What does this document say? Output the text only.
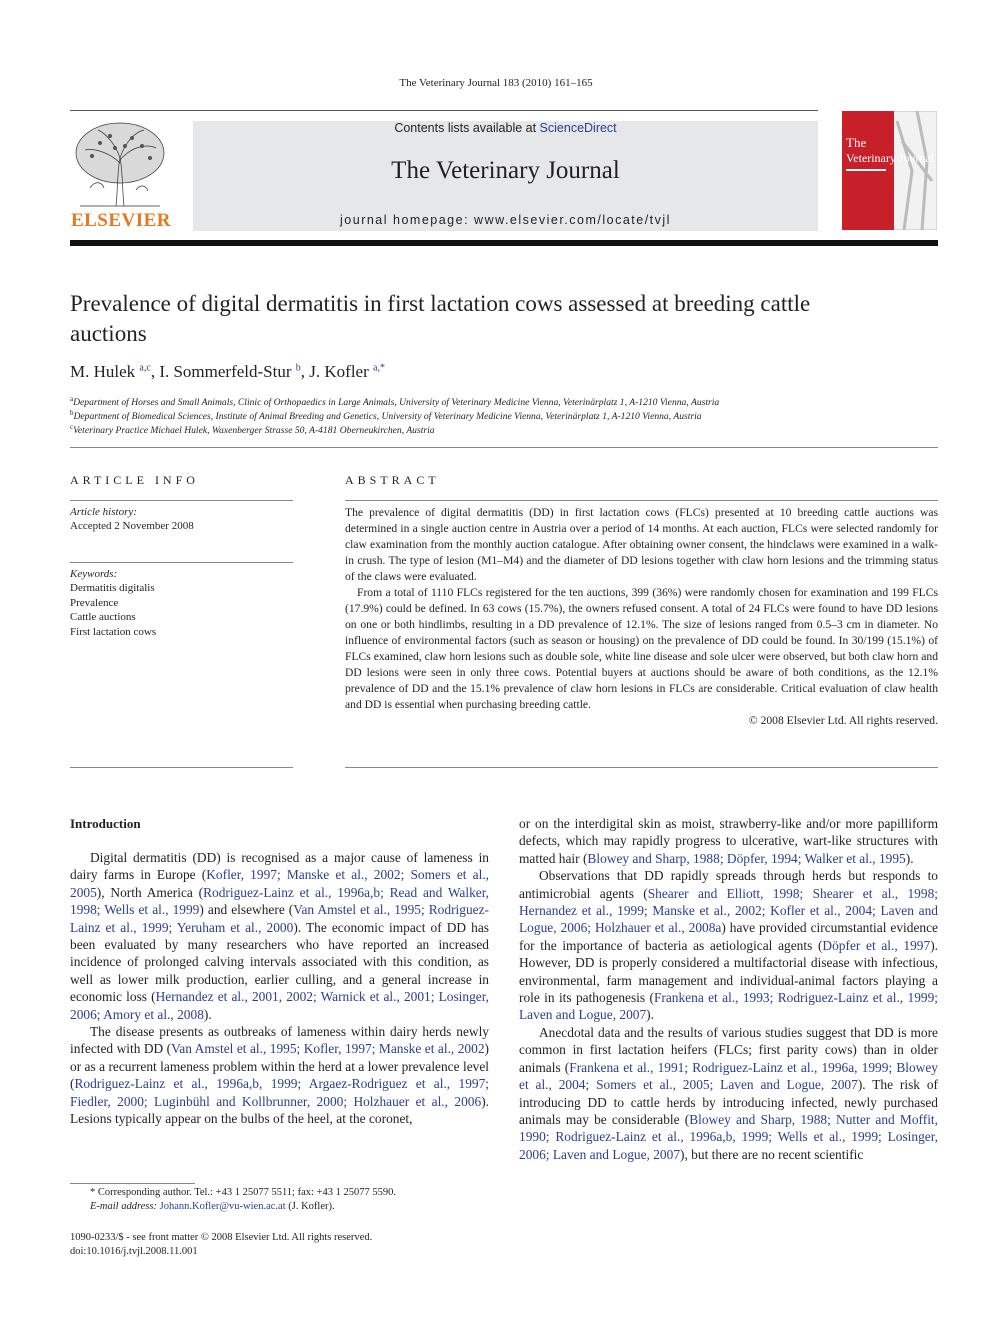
The Veterinary Journal 183 (2010) 161–165
ELSEVIER
Contents lists available at ScienceDirect
The Veterinary Journal
journal homepage: www.elsevier.com/locate/tvjl
The
Veterinary Journal
Prevalence of digital dermatitis in first lactation cows assessed at breeding cattle auctions
M. Hulek $^{a,c}$, I. Sommerfeld-Stur $^b$, J. Kofler $^{a,*}$
$^a$Department of Horses and Small Animals, Clinic of Orthopaedics in Large Animals, University of Veterinary Medicine Vienna, Veterinärplatz 1, A-1210 Vienna, Austria
$^b$Department of Biomedical Sciences, Institute of Animal Breeding and Genetics, University of Veterinary Medicine Vienna, Veterinärplatz 1, A-1210 Vienna, Austria
$^c$Veterinary Practice Michael Hulek, Waxenberger Strasse 50, A-4181 Oberneukirchen, Austria
ARTICLE INFO
Article history:
Accepted 2 November 2008
Keywords:
Dermatitis digitalis
Prevalence
Cattle auctions
First lactation cows
ABSTRACT

The prevalence of digital dermatitis (DD) in first lactation cows (FLCs) presented at 10 breeding cattle auctions was determined in a single auction centre in Austria over a period of 14 months. At each auction, FLCs were selected randomly for claw examination from the monthly auction catalogue. After obtaining owner consent, the hindclaws were examined in a walk-in crush. The type of lesion (M1–M4) and the diameter of DD lesions together with claw horn lesions and the trimming status of the claws were evaluated.

From a total of 1110 FLCs registered for the ten auctions, 399 (36%) were randomly chosen for examination and 199 FLCs (17.9%) could be defined. In 63 cows (15.7%), the owners refused consent. A total of 24 FLCs were found to have DD lesions on one or both hindlimbs, resulting in a DD prevalence of 12.1%. The size of lesions ranged from 0.5–3 cm in diameter. No influence of environmental factors (such as season or housing) on the prevalence of DD could be found. In 30/199 (15.1%) of FLCs examined, claw horn lesions such as double sole, white line disease and sole ulcer were observed, but both claw horn and DD lesions were seen in only three cows. Potential buyers at auctions should be aware of both conditions, as the 12.1% prevalence of DD and the 15.1% prevalence of claw horn lesions in FLCs are considerable. Critical evaluation of claw health and DD is essential when purchasing breeding cattle.

© 2008 Elsevier Ltd. All rights reserved.
Introduction

Digital dermatitis (DD) is recognised as a major cause of lameness in dairy farms in Europe (Kofler, 1997; Manske et al., 2002; Somers et al., 2005), North America (Rodriguez-Lainz et al., 1996a,b; Read and Walker, 1998; Wells et al., 1999) and elsewhere (Van Amstel et al., 1995; Rodriguez-Lainz et al., 1999; Yeruham et al., 2000). The economic impact of DD has been evaluated by many researchers who have reported an increased incidence of prolonged calving intervals associated with this condition, as well as lower milk production, earlier culling, and a general increase in economic loss (Hernandez et al., 2001, 2002; Warnick et al., 2001; Losinger, 2006; Amory et al., 2008).

The disease presents as outbreaks of lameness within dairy herds newly infected with DD (Van Amstel et al., 1995; Kofler, 1997; Manske et al., 2002) or as a recurrent lameness problem within the herd at a lower prevalence level (Rodriguez-Lainz et al., 1996a,b, 1999; Argaez-Rodriguez et al., 1997; Fiedler, 2000; Luginbühl and Kollbrunner, 2000; Holzhauer et al., 2006). Lesions typically appear on the bulbs of the heel, at the coronet,

or on the interdigital skin as moist, strawberry-like and/or more papilliform defects, which may rapidly progress to ulcerative, wart-like structures with matted hair (Blowey and Sharp, 1988; Döpfer, 1994; Walker et al., 1995).

Observations that DD rapidly spreads through herds but responds to antimicrobial agents (Shearer and Elliott, 1998; Shearer et al., 1998; Hernandez et al., 1999; Manske et al., 2002; Kofler et al., 2004; Laven and Logue, 2006; Holzhauer et al., 2008a) have provided circumstantial evidence for the importance of bacteria as aetiological agents (Döpfer et al., 1997). However, DD is properly considered a multifactorial disease with infectious, environmental, farm management and individual-animal factors playing a role in its pathogenesis (Frankena et al., 1993; Rodriguez-Lainz et al., 1999; Laven and Logue, 2007).

Anecdotal data and the results of various studies suggest that DD is more common in first lactation heifers (FLCs; first parity cows) than in older animals (Frankena et al., 1991; Rodriguez-Lainz et al., 1996a, 1999; Blowey et al., 2004; Somers et al., 2005; Laven and Logue, 2007). The risk of introducing DD to cattle herds by introducing infected, newly purchased animals may be considerable (Blowey and Sharp, 1988; Nutter and Moffit, 1990; Rodriguez-Lainz et al., 1996a,b, 1999; Wells et al., 1999; Losinger, 2006; Laven and Logue, 2007), but there are no recent scientific

* Corresponding author. Tel.: +43 1 25077 5511; fax: +43 1 25077 5590.
E-mail address: Johann.Kofler@vu-wien.ac.at (J. Kofler).
1090-0233/$ - see front matter © 2008 Elsevier Ltd. All rights reserved.
doi:10.1016/j.tvjl.2008.11.001
